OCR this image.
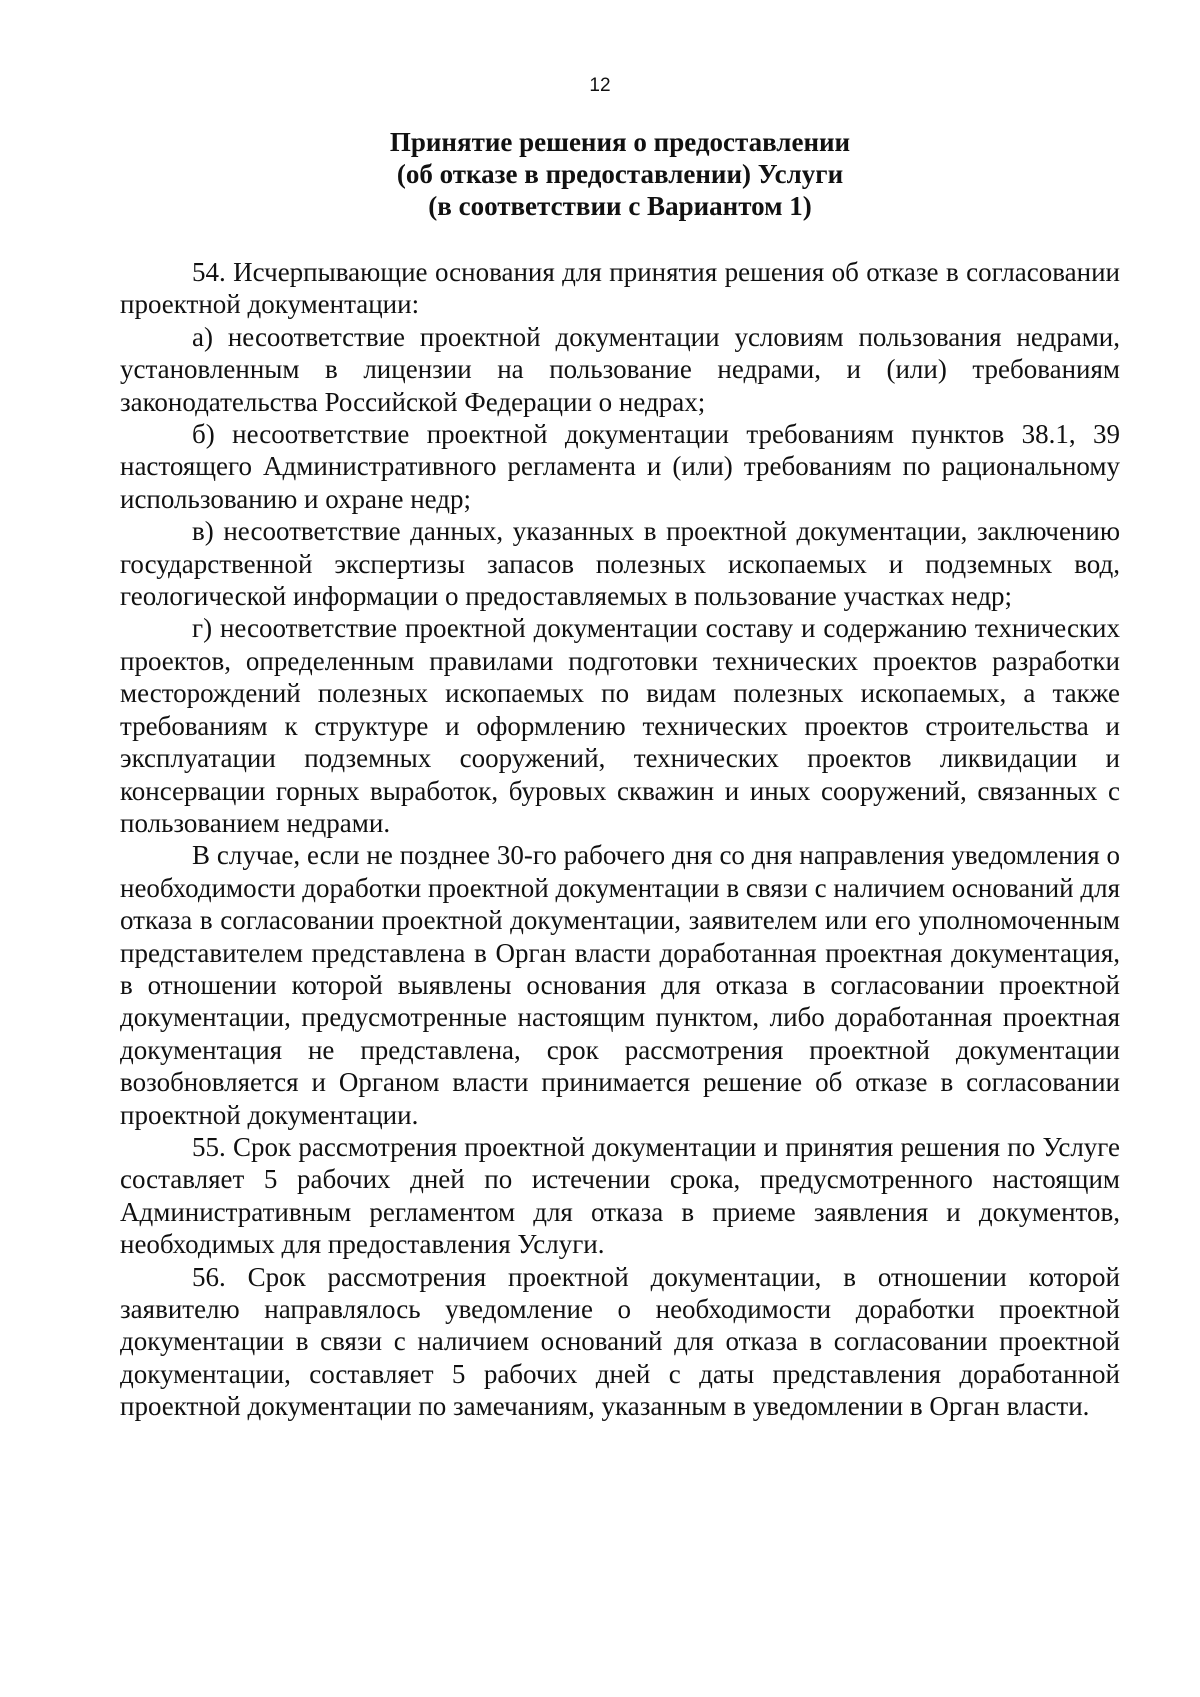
12
Принятие решения о предоставлении
(об отказе в предоставлении) Услуги
(в соответствии с Вариантом 1)

54. Исчерпывающие основания для принятия решения об отказе в согласовании проектной документации:

а) несоответствие проектной документации условиям пользования недрами, установленным в лицензии на пользование недрами, и (или) требованиям законодательства Российской Федерации о недрах;

б) несоответствие проектной документации требованиям пунктов 38.1, 39 настоящего Административного регламента и (или) требованиям по рациональному использованию и охране недр;

в) несоответствие данных, указанных в проектной документации, заключению государственной экспертизы запасов полезных ископаемых и подземных вод, геологической информации о предоставляемых в пользование участках недр;

г) несоответствие проектной документации составу и содержанию технических проектов, определенным правилами подготовки технических проектов разработки месторождений полезных ископаемых по видам полезных ископаемых, а также требованиям к структуре и оформлению технических проектов строительства и эксплуатации подземных сооружений, технических проектов ликвидации и консервации горных выработок, буровых скважин и иных сооружений, связанных с пользованием недрами.

В случае, если не позднее 30-го рабочего дня со дня направления уведомления о необходимости доработки проектной документации в связи с наличием оснований для отказа в согласовании проектной документации, заявителем или его уполномоченным представителем представлена в Орган власти доработанная проектная документация, в отношении которой выявлены основания для отказа в согласовании проектной документации, предусмотренные настоящим пунктом, либо доработанная проектная документация не представлена, срок рассмотрения проектной документации возобновляется и Органом власти принимается решение об отказе в согласовании проектной документации.

55. Срок рассмотрения проектной документации и принятия решения по Услуге составляет 5 рабочих дней по истечении срока, предусмотренного настоящим Административным регламентом для отказа в приеме заявления и документов, необходимых для предоставления Услуги.

56. Срок рассмотрения проектной документации, в отношении которой заявителю направлялось уведомление о необходимости доработки проектной документации в связи с наличием оснований для отказа в согласовании проектной документации, составляет 5 рабочих дней с даты представления доработанной проектной документации по замечаниям, указанным в уведомлении в Орган власти.
